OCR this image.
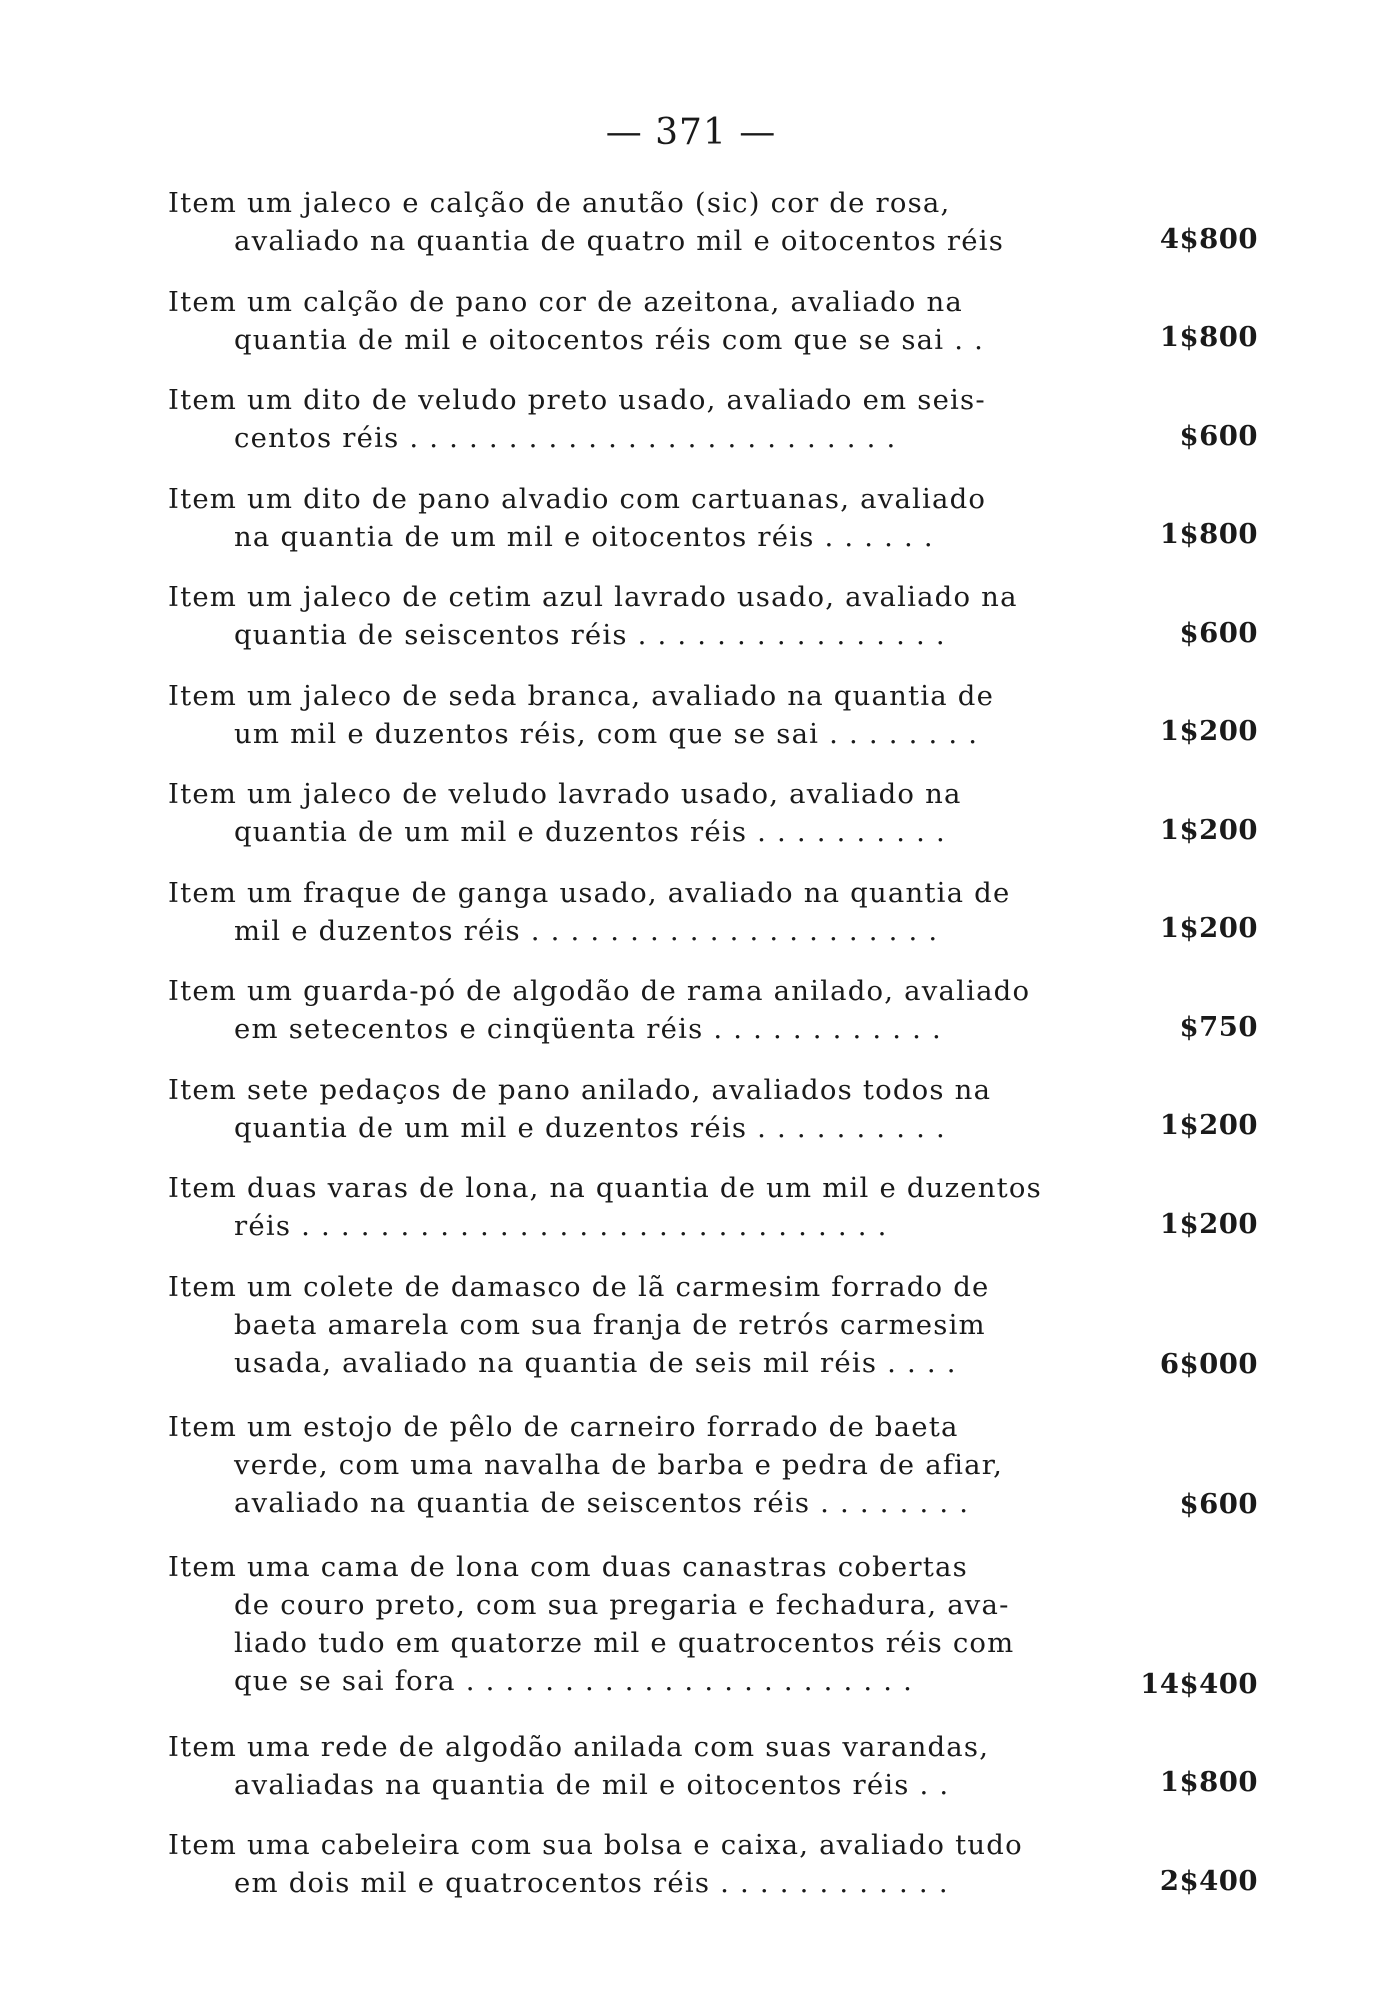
— 371 —
Item um jaleco e calção de anutão (sic) cor de rosa,
avaliado na quantia de quatro mil e oitocentos réis	4$800
Item um calção de pano cor de azeitona, avaliado na
quantia de mil e oitocentos réis com que se sai . .	1$800
Item um dito de veludo preto usado, avaliado em seis-
centos réis . . . . . . . . . . . . . . . . . . . . . . . . .	$600
Item um dito de pano alvadio com cartuanas, avaliado
na quantia de um mil e oitocentos réis . . . . . .	1$800
Item um jaleco de cetim azul lavrado usado, avaliado na
quantia de seiscentos réis . . . . . . . . . . . . . . . .	$600
Item um jaleco de seda branca, avaliado na quantia de
um mil e duzentos réis, com que se sai . . . . . . . .	1$200
Item um jaleco de veludo lavrado usado, avaliado na
quantia de um mil e duzentos réis . . . . . . . . . .	1$200
Item um fraque de ganga usado, avaliado na quantia de
mil e duzentos réis . . . . . . . . . . . . . . . . . . . . .	1$200
Item um guarda-pó de algodão de rama anilado, avaliado
em setecentos e cinqüenta réis . . . . . . . . . . . .	$750
Item sete pedaços de pano anilado, avaliados todos na
quantia de um mil e duzentos réis . . . . . . . . . .	1$200
Item duas varas de lona, na quantia de um mil e duzentos
réis . . . . . . . . . . . . . . . . . . . . . . . . . . . . . .	1$200
Item um colete de damasco de lã carmesim forrado de
baeta amarela com sua franja de retrós carmesim
usada, avaliado na quantia de seis mil réis . . . .	6$000
Item um estojo de pêlo de carneiro forrado de baeta
verde, com uma navalha de barba e pedra de afiar,
avaliado na quantia de seiscentos réis . . . . . . . .	$600
Item uma cama de lona com duas canastras cobertas
de couro preto, com sua pregaria e fechadura, ava-
liado tudo em quatorze mil e quatrocentos réis com
que se sai fora . . . . . . . . . . . . . . . . . . . . . . .	14$400
Item uma rede de algodão anilada com suas varandas,
avaliadas na quantia de mil e oitocentos réis . .	1$800
Item uma cabeleira com sua bolsa e caixa, avaliado tudo
em dois mil e quatrocentos réis . . . . . . . . . . . .	2$400
